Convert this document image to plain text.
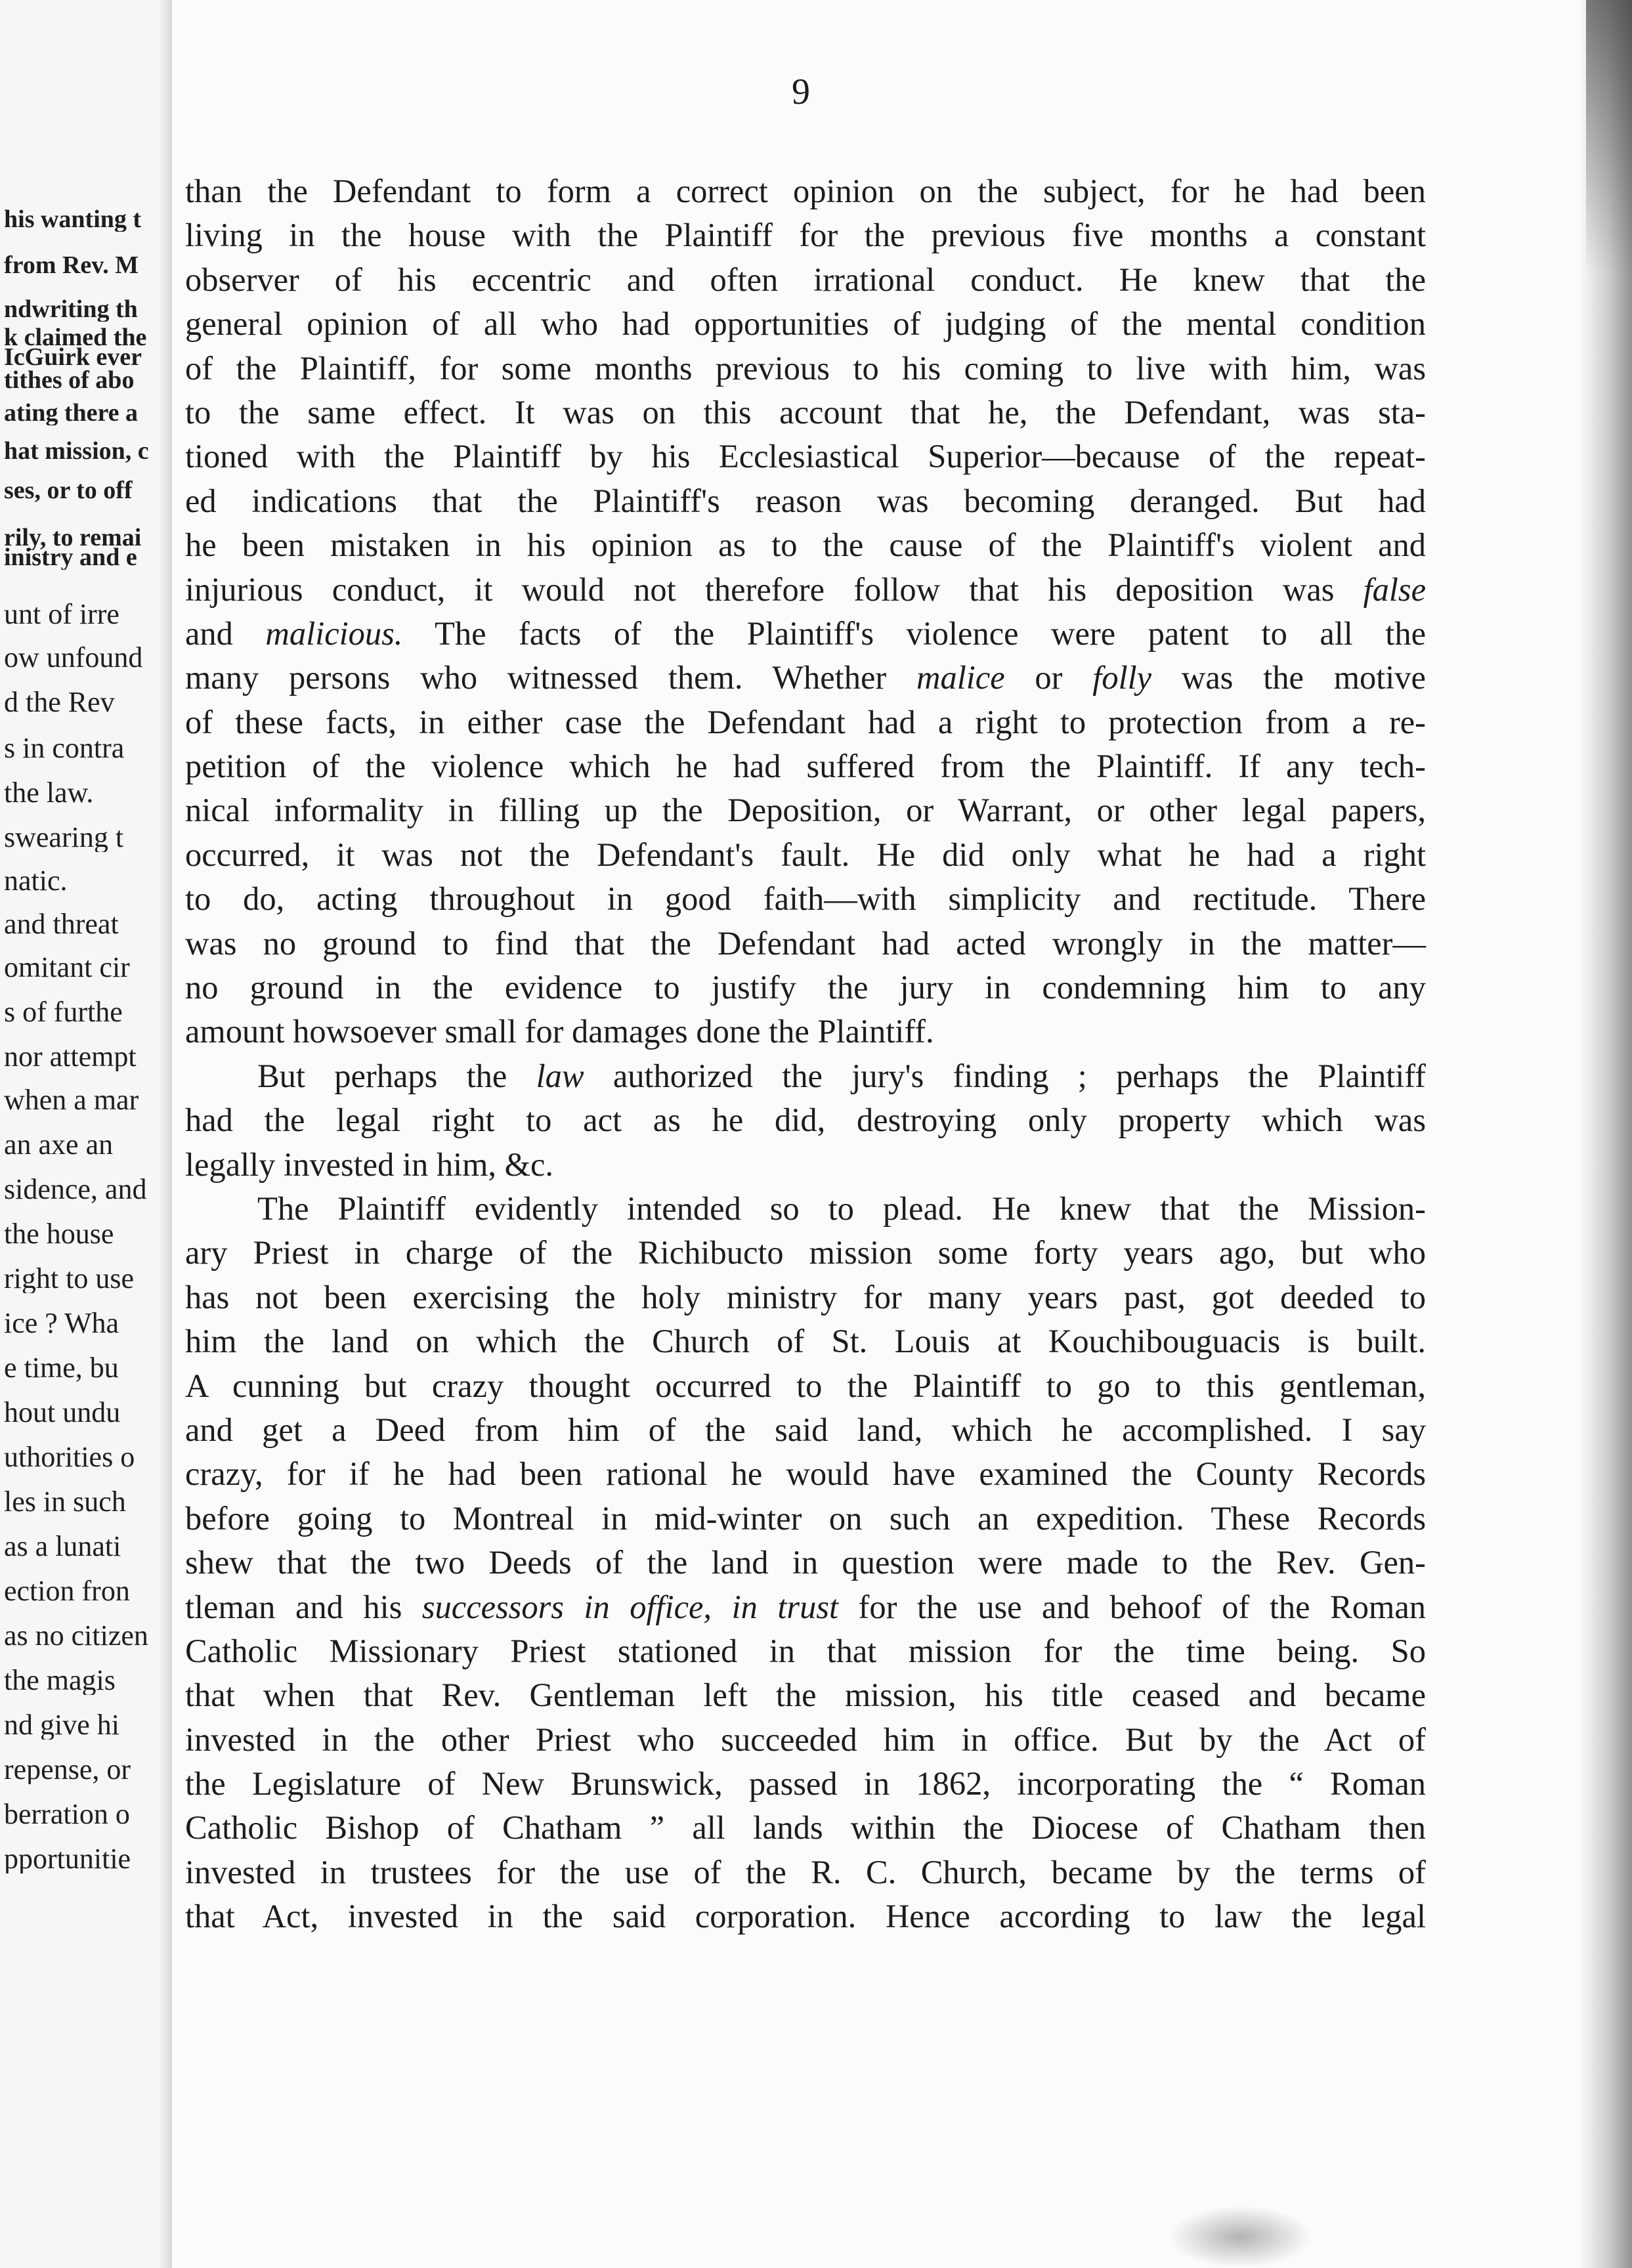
his wanting t
from Rev. M
ndwriting th
k claimed the
IcGuirk ever
tithes of abo
ating there a
hat mission, c
ses, or to off
rily, to remai
inistry and e
unt of irre
ow unfound
d the Rev
s in contra
the law.
swearing t
natic.
and threat
omitant cir
s of furthe
nor attempt
when a mar
an axe an
sidence, and
the house
right to use
ice ? Wha
e time, bu
hout undu
uthorities o
les in such
as a lunati
ection fron
as no citizen
the magis
nd give hi
repense, or
berration o
pportunitie
9
than the Defendant to form a correct opinion on the subject, for he had been
living in the house with the Plaintiff for the previous five months a constant
observer of his eccentric and often irrational conduct. He knew that the
general opinion of all who had opportunities of judging of the mental condition
of the Plaintiff, for some months previous to his coming to live with him, was
to the same effect. It was on this account that he, the Defendant, was sta-
tioned with the Plaintiff by his Ecclesiastical Superior—because of the repeat-
ed indications that the Plaintiff's reason was becoming deranged. But had
he been mistaken in his opinion as to the cause of the Plaintiff's violent and
injurious conduct, it would not therefore follow that his deposition was false
and malicious. The facts of the Plaintiff's violence were patent to all the
many persons who witnessed them. Whether malice or folly was the motive
of these facts, in either case the Defendant had a right to protection from a re-
petition of the violence which he had suffered from the Plaintiff. If any tech-
nical informality in filling up the Deposition, or Warrant, or other legal papers,
occurred, it was not the Defendant's fault. He did only what he had a right
to do, acting throughout in good faith—with simplicity and rectitude. There
was no ground to find that the Defendant had acted wrongly in the matter—
no ground in the evidence to justify the jury in condemning him to any
amount howsoever small for damages done the Plaintiff.
But perhaps the law authorized the jury's finding ; perhaps the Plaintiff
had the legal right to act as he did, destroying only property which was
legally invested in him, &c.
The Plaintiff evidently intended so to plead. He knew that the Mission-
ary Priest in charge of the Richibucto mission some forty years ago, but who
has not been exercising the holy ministry for many years past, got deeded to
him the land on which the Church of St. Louis at Kouchibouguacis is built.
A cunning but crazy thought occurred to the Plaintiff to go to this gentleman,
and get a Deed from him of the said land, which he accomplished. I say
crazy, for if he had been rational he would have examined the County Records
before going to Montreal in mid-winter on such an expedition. These Records
shew that the two Deeds of the land in question were made to the Rev. Gen-
tleman and his successors in office, in trust for the use and behoof of the Roman
Catholic Missionary Priest stationed in that mission for the time being. So
that when that Rev. Gentleman left the mission, his title ceased and became
invested in the other Priest who succeeded him in office. But by the Act of
the Legislature of New Brunswick, passed in 1862, incorporating the “ Roman
Catholic Bishop of Chatham ” all lands within the Diocese of Chatham then
invested in trustees for the use of the R. C. Church, became by the terms of
that Act, invested in the said corporation. Hence according to law the legal
